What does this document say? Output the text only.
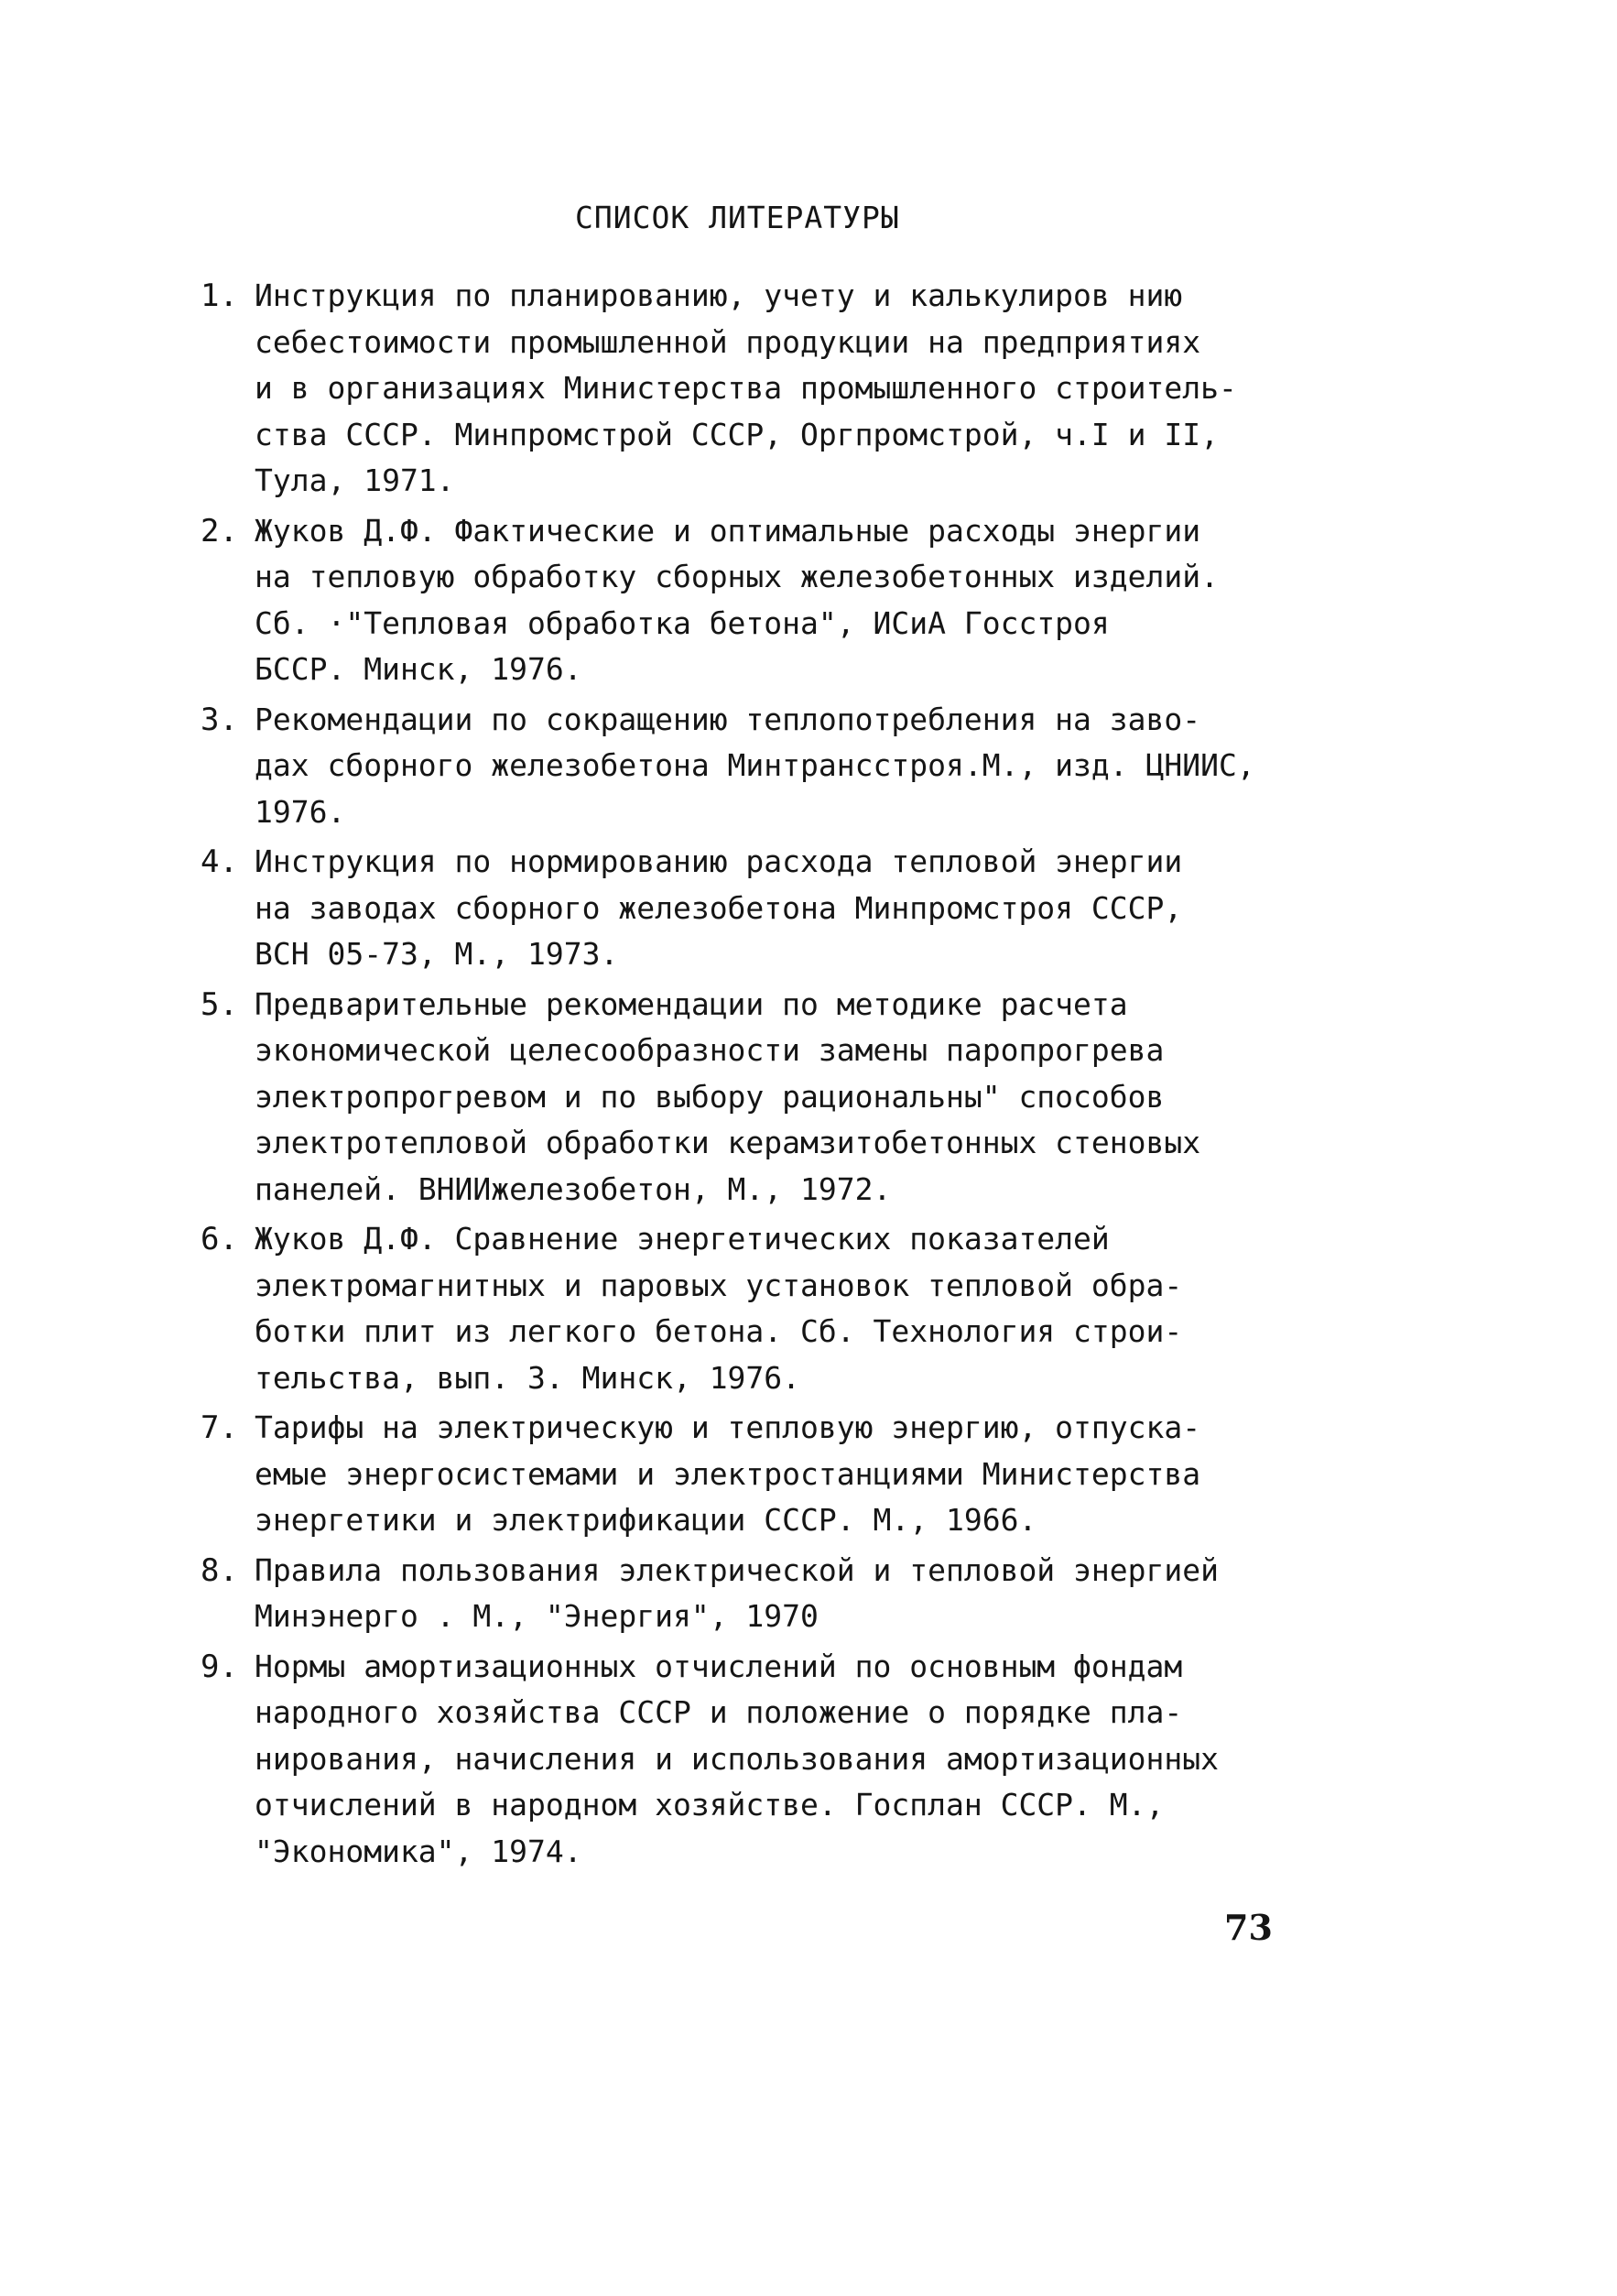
СПИСОК ЛИТЕРАТУРЫ
1. Инструкция по планированию, учету и калькулиров нию
себестоимости промышленной продукции на предприятиях
и в организациях Министерства промышленного строитель-
ства СССР. Минпромстрой СССР, Оргпромстрой, ч.I и II,
Тула, 1971.
2. Жуков Д.Ф. Фактические и оптимальные расходы энергии
на тепловую обработку сборных железобетонных изделий.
Сб. ·"Тепловая обработка бетона", ИСиА Госстроя
БССР. Минск, 1976.
3. Рекомендации по сокращению теплопотребления на заво-
дах сборного железобетона Минтрансстроя.М., изд. ЦНИИС,
1976.
4. Инструкция по нормированию расхода тепловой энергии
на заводах сборного железобетона Минпромстроя СССР,
ВСН 05-73, М., 1973.
5. Предварительные рекомендации по методике расчета
экономической целесообразности замены паропрогрева
электропрогревом и по выбору рациональны" способов
электротепловой обработки керамзитобетонных стеновых
панелей. ВНИИжелезобетон, М., 1972.
6. Жуков Д.Ф. Сравнение энергетических показателей
электромагнитных и паровых установок тепловой обра-
ботки плит из легкого бетона. Сб. Технология строи-
тельства, вып. 3. Минск, 1976.
7. Тарифы на электрическую и тепловую энергию, отпуска-
емые энергосистемами и электростанциями Министерства
энергетики и электрификации СССР. М., 1966.
8. Правила пользования электрической и тепловой энергией
Минэнерго . М., "Энергия", 1970
9. Нормы амортизационных отчислений по основным фондам
народного хозяйства СССР и положение о порядке пла-
нирования, начисления и использования амортизационных
отчислений в народном хозяйстве. Госплан СССР. М.,
"Экономика", 1974.
73
